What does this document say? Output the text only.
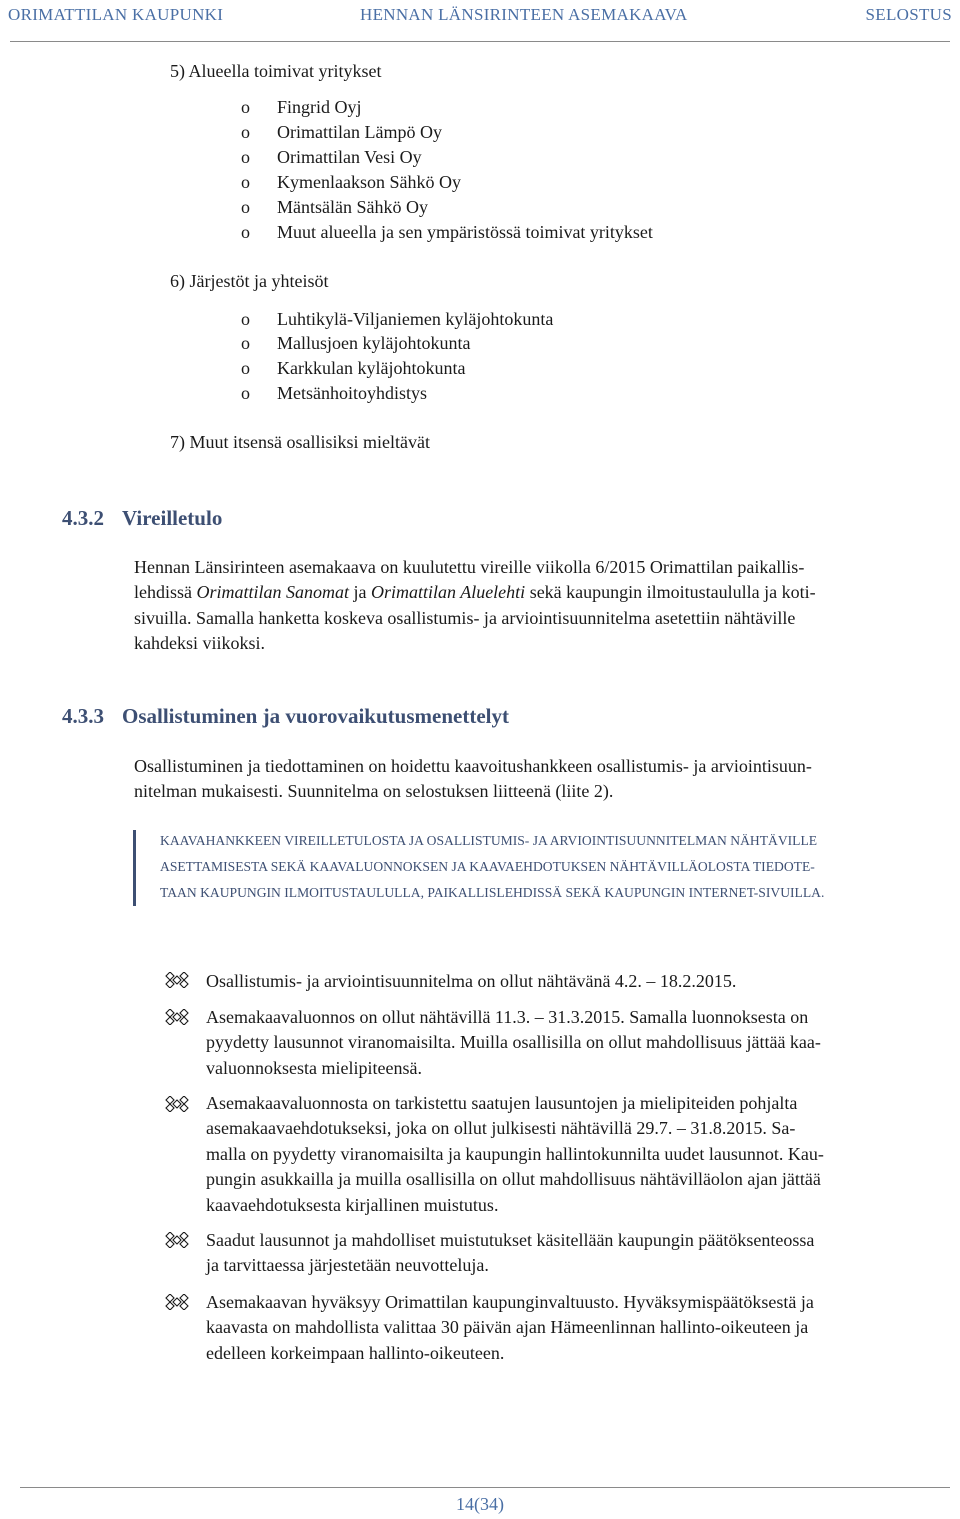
ORIMATTILAN KAUPUNKI	HENNAN LÄNSIRINTEEN ASEMAKAAVA	SELOSTUS
5) Alueella toimivat yritykset
o Fingrid Oyj
o Orimattilan Lämpö Oy
o Orimattilan Vesi Oy
o Kymenlaakson Sähkö Oy
o Mäntsälän Sähkö Oy
o Muut alueella ja sen ympäristössä toimivat yritykset
6) Järjestöt ja yhteisöt
o Luhtikylä-Viljaniemen kyläjohtokunta
o Mallusjoen kyläjohtokunta
o Karkkulan kyläjohtokunta
o Metsänhoitoyhdistys
7) Muut itsensä osallisiksi mieltävät
4.3.2 Vireilletulo
Hennan Länsirinteen asemakaava on kuulutettu vireille viikolla 6/2015 Orimattilan paikallis-
lehdissä Orimattilan Sanomat ja Orimattilan Aluelehti sekä kaupungin ilmoitustaululla ja koti-
sivuilla. Samalla hanketta koskeva osallistumis- ja arviointisuunnitelma asetettiin nähtäville
kahdeksi viikoksi.
4.3.3 Osallistuminen ja vuorovaikutusmenettelyt
Osallistuminen ja tiedottaminen on hoidettu kaavoitushankkeen osallistumis- ja arviointisuun-
nitelman mukaisesti. Suunnitelma on selostuksen liitteenä (liite 2).
KAAVAHANKKEEN VIREILLETULOSTA JA OSALLISTUMIS- JA ARVIOINTISUUNNITELMAN NÄHTÄVILLE
ASETTAMISESTA SEKÄ KAAVALUONNOKSEN JA KAAVAEHDOTUKSEN NÄHTÄVILLÄOLOSTA TIEDOTE-
TAAN KAUPUNGIN ILMOITUSTAULULLA, PAIKALLISLEHDISSÄ SEKÄ KAUPUNGIN INTERNET-SIVUILLA.
Osallistumis- ja arviointisuunnitelma on ollut nähtävänä 4.2. – 18.2.2015.
Asemakaavaluonnos on ollut nähtävillä 11.3. – 31.3.2015. Samalla luonnoksesta on
pyydetty lausunnot viranomaisilta. Muilla osallisilla on ollut mahdollisuus jättää kaa-
valuonnoksesta mielipiteensä.
Asemakaavaluonnosta on tarkistettu saatujen lausuntojen ja mielipiteiden pohjalta
asemakaavaehdotukseksi, joka on ollut julkisesti nähtävillä 29.7. – 31.8.2015. Sa-
malla on pyydetty viranomaisilta ja kaupungin hallintokunnilta uudet lausunnot. Kau-
pungin asukkailla ja muilla osallisilla on ollut mahdollisuus nähtävilläolon ajan jättää
kaavaehdotuksesta kirjallinen muistutus.
Saadut lausunnot ja mahdolliset muistutukset käsitellään kaupungin päätöksenteossa
ja tarvittaessa järjestetään neuvotteluja.
Asemakaavan hyväksyy Orimattilan kaupunginvaltuusto. Hyväksymispäätöksestä ja
kaavasta on mahdollista valittaa 30 päivän ajan Hämeenlinnan hallinto-oikeuteen ja
edelleen korkeimpaan hallinto-oikeuteen.
14(34)
